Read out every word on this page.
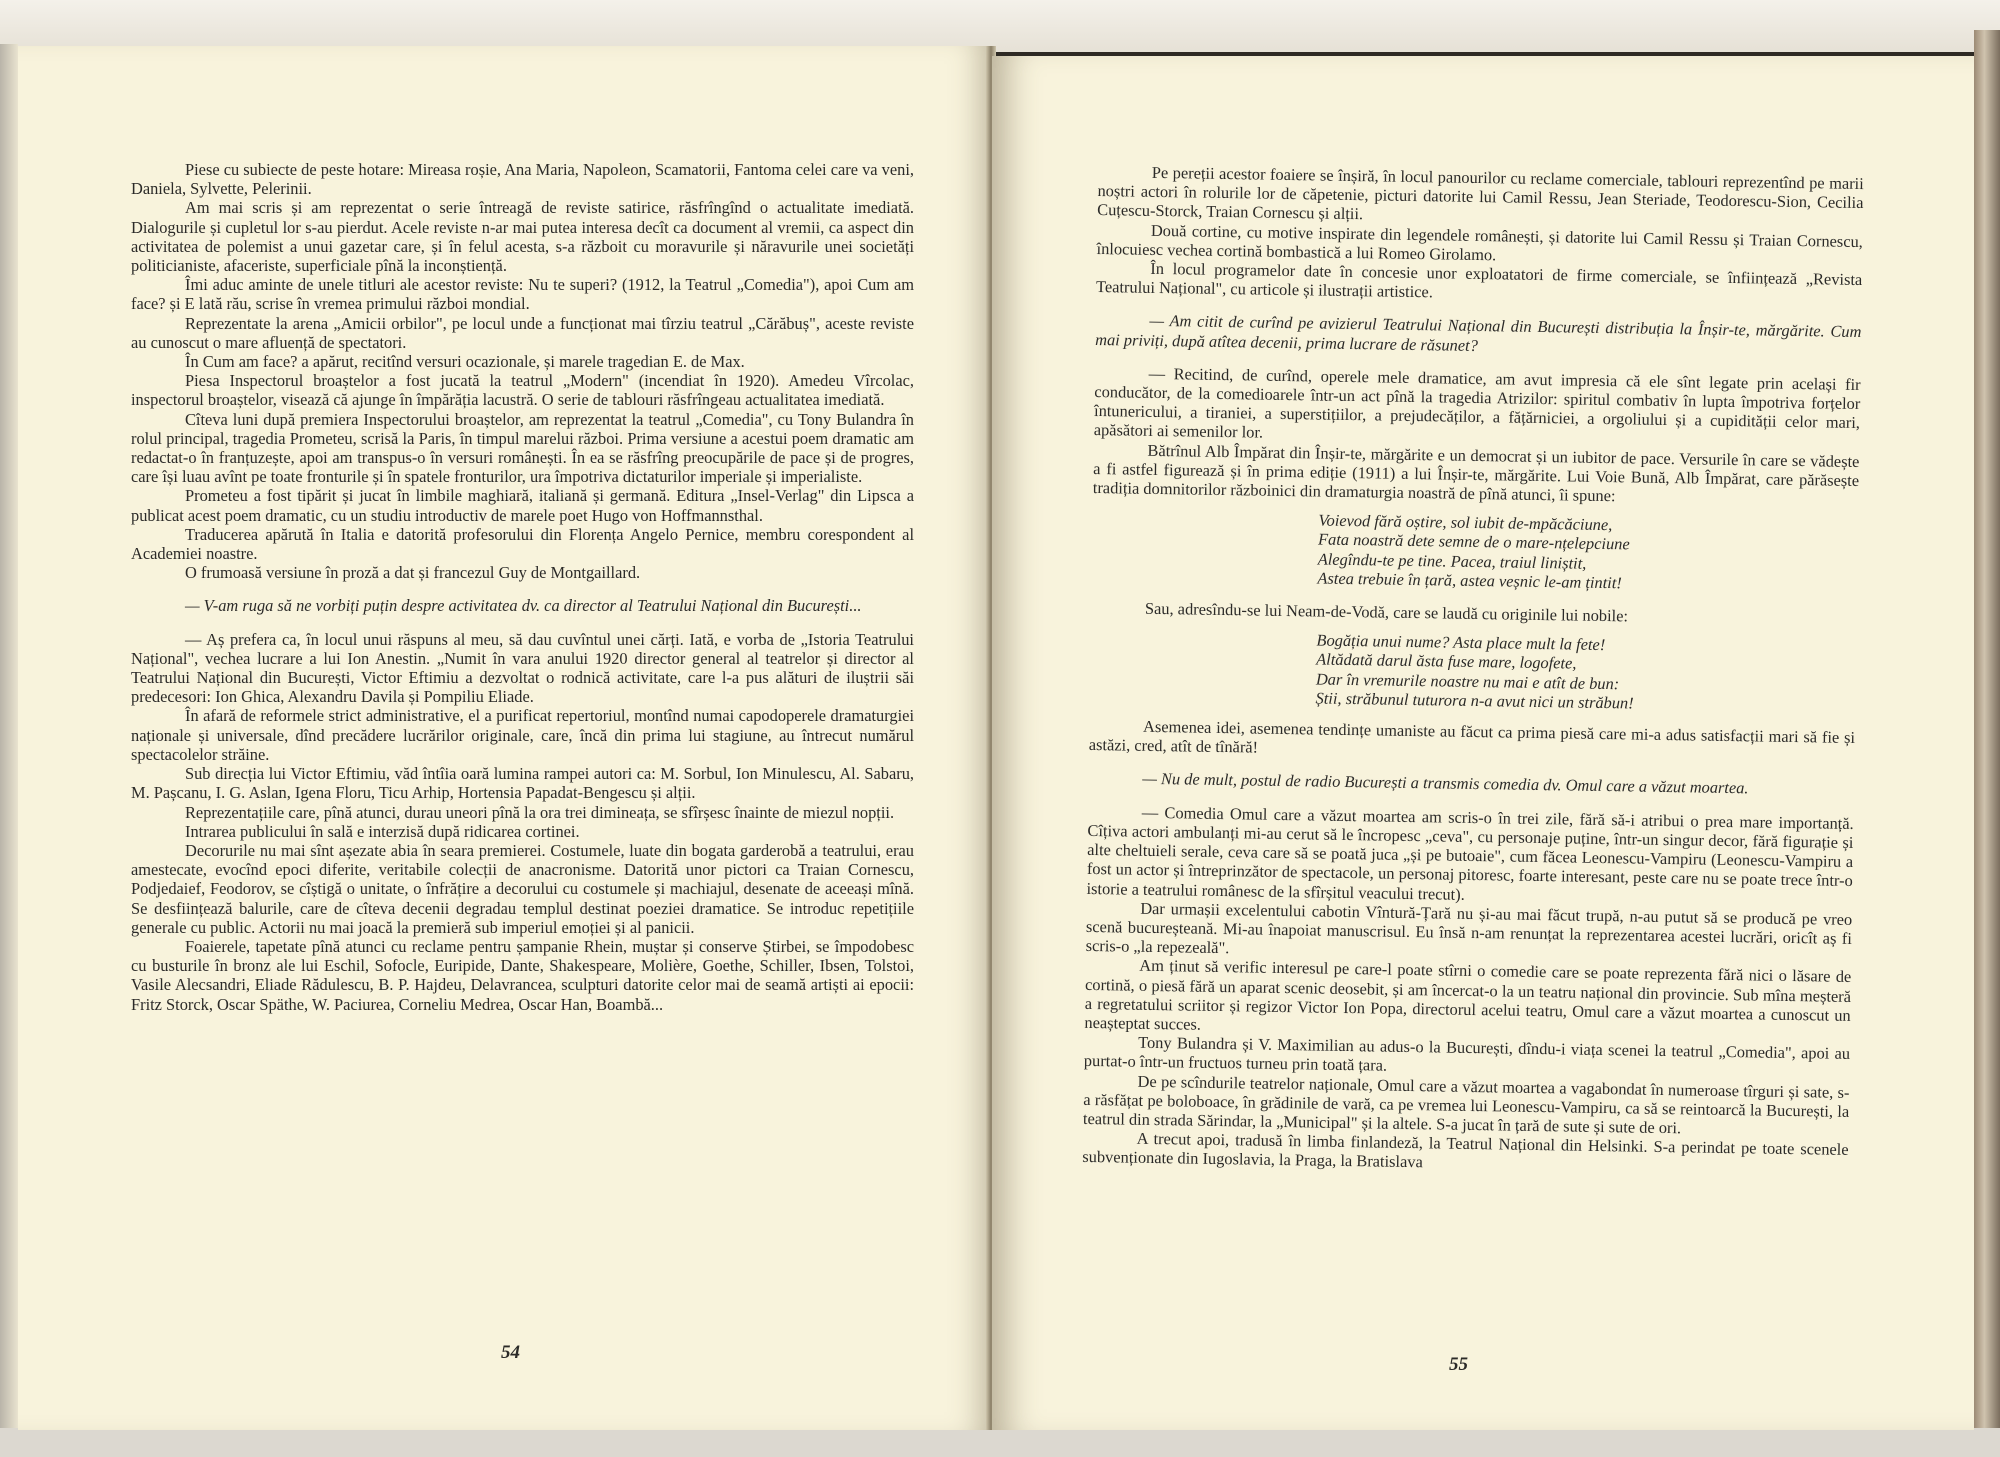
Piese cu subiecte de peste hotare: Mireasa roșie, Ana Maria, Napoleon, Scamatorii, Fantoma celei care va veni, Daniela, Sylvette, Pelerinii.

Am mai scris și am reprezentat o serie întreagă de reviste satirice, răsfrîngînd o actualitate imediată. Dialogurile și cupletul lor s-au pierdut. Acele reviste n-ar mai putea interesa decît ca document al vremii, ca aspect din activitatea de polemist a unui gazetar care, și în felul acesta, s-a războit cu moravurile și năravurile unei societăți politicianiste, afaceriste, superficiale pînă la inconștiență.

Îmi aduc aminte de unele titluri ale acestor reviste: Nu te superi? (1912, la Teatrul „Comedia"), apoi Cum am face? și E lată rău, scrise în vremea primului război mondial.

Reprezentate la arena „Amicii orbilor", pe locul unde a funcționat mai tîrziu teatrul „Cărăbuș", aceste reviste au cunoscut o mare afluență de spectatori.

În Cum am face? a apărut, recitînd versuri ocazionale, și marele tragedian E. de Max.

Piesa Inspectorul broaștelor a fost jucată la teatrul „Modern" (incendiat în 1920). Amedeu Vîrcolac, inspectorul broaștelor, visează că ajunge în împărăția lacustră. O serie de tablouri răsfrîngeau actualitatea imediată.

Cîteva luni după premiera Inspectorului broaștelor, am reprezentat la teatrul „Comedia", cu Tony Bulandra în rolul principal, tragedia Prometeu, scrisă la Paris, în timpul marelui război. Prima versiune a acestui poem dramatic am redactat-o în franțuzește, apoi am transpus-o în versuri românești. În ea se răsfrîng preocupările de pace și de progres, care își luau avînt pe toate fronturile și în spatele fronturilor, ura împotriva dictaturilor imperiale și imperialiste.

Prometeu a fost tipărit și jucat în limbile maghiară, italiană și germană. Editura „Insel-Verlag" din Lipsca a publicat acest poem dramatic, cu un studiu introductiv de marele poet Hugo von Hoffmannsthal.

Traducerea apărută în Italia e datorită profesorului din Florența Angelo Pernice, membru corespondent al Academiei noastre.

O frumoasă versiune în proză a dat și francezul Guy de Montgaillard.

— V-am ruga să ne vorbiți puțin despre activitatea dv. ca director al Teatrului Național din București...

— Aș prefera ca, în locul unui răspuns al meu, să dau cuvîntul unei cărți. Iată, e vorba de „Istoria Teatrului Național", vechea lucrare a lui Ion Anestin. „Numit în vara anului 1920 director general al teatrelor și director al Teatrului Național din București, Victor Eftimiu a dezvoltat o rodnică activitate, care l-a pus alături de iluștrii săi predecesori: Ion Ghica, Alexandru Davila și Pompiliu Eliade.

În afară de reformele strict administrative, el a purificat repertoriul, montînd numai capodoperele dramaturgiei naționale și universale, dînd precădere lucrărilor originale, care, încă din prima lui stagiune, au întrecut numărul spectacolelor străine.

Sub direcția lui Victor Eftimiu, văd întîia oară lumina rampei autori ca: M. Sorbul, Ion Minulescu, Al. Sabaru, M. Pașcanu, I. G. Aslan, Igena Floru, Ticu Arhip, Hortensia Papadat-Bengescu și alții.

Reprezentațiile care, pînă atunci, durau uneori pînă la ora trei dimineața, se sfîrșesc înainte de miezul nopții.

Intrarea publicului în sală e interzisă după ridicarea cortinei.

Decorurile nu mai sînt așezate abia în seara premierei. Costumele, luate din bogata garderobă a teatrului, erau amestecate, evocînd epoci diferite, veritabile colecții de anacronisme. Datorită unor pictori ca Traian Cornescu, Podjedaief, Feodorov, se cîștigă o unitate, o înfrățire a decorului cu costumele și machiajul, desenate de aceeași mînă. Se desființează balurile, care de cîteva decenii degradau templul destinat poeziei dramatice. Se introduc repetițiile generale cu public. Actorii nu mai joacă la premieră sub imperiul emoției și al panicii.

Foaierele, tapetate pînă atunci cu reclame pentru șampanie Rhein, muștar și conserve Știrbei, se împodobesc cu busturile în bronz ale lui Eschil, Sofocle, Euripide, Dante, Shakespeare, Molière, Goethe, Schiller, Ibsen, Tolstoi, Vasile Alecsandri, Eliade Rădulescu, B. P. Hajdeu, Delavrancea, sculpturi datorite celor mai de seamă artiști ai epocii: Fritz Storck, Oscar Späthe, W. Paciurea, Corneliu Medrea, Oscar Han, Boambă...

54

Pe pereții acestor foaiere se înșiră, în locul panourilor cu reclame comerciale, tablouri reprezentînd pe marii noștri actori în rolurile lor de căpetenie, picturi datorite lui Camil Ressu, Jean Steriade, Teodorescu-Sion, Cecilia Cuțescu-Storck, Traian Cornescu și alții.

Două cortine, cu motive inspirate din legendele românești, și datorite lui Camil Ressu și Traian Cornescu, înlocuiesc vechea cortină bombastică a lui Romeo Girolamo.

În locul programelor date în concesie unor exploatatori de firme comerciale, se înființează „Revista Teatrului Național", cu articole și ilustrații artistice.

— Am citit de curînd pe avizierul Teatrului Național din București distribuția la Înșir-te, mărgărite. Cum mai priviți, după atîtea decenii, prima lucrare de răsunet?

— Recitind, de curînd, operele mele dramatice, am avut impresia că ele sînt legate prin același fir conducător, de la comedioarele într-un act pînă la tragedia Atrizilor: spiritul combativ în lupta împotriva forțelor întunericului, a tiraniei, a superstițiilor, a prejudecăților, a fățărniciei, a orgoliului și a cupidității celor mari, apăsători ai semenilor lor.

Bătrînul Alb Împărat din Înșir-te, mărgărite e un democrat și un iubitor de pace. Versurile în care se vădește a fi astfel figurează și în prima ediție (1911) a lui Înșir-te, mărgărite. Lui Voie Bună, Alb Împărat, care părăsește tradiția domnitorilor războinici din dramaturgia noastră de pînă atunci, îi spune:

Voievod fără oștire, sol iubit de-mpăcăciune,
Fata noastră dete semne de o mare-nțelepciune
Alegîndu-te pe tine. Pacea, traiul liniștit,
Astea trebuie în țară, astea veșnic le-am țintit!

Sau, adresîndu-se lui Neam-de-Vodă, care se laudă cu originile lui nobile:

Bogăția unui nume? Asta place mult la fete!
Altădată darul ăsta fuse mare, logofete,
Dar în vremurile noastre nu mai e atît de bun:
Știi, străbunul tuturora n-a avut nici un străbun!

Asemenea idei, asemenea tendințe umaniste au făcut ca prima piesă care mi-a adus satisfacții mari să fie și astăzi, cred, atît de tînără!

— Nu de mult, postul de radio București a transmis comedia dv. Omul care a văzut moartea.

— Comedia Omul care a văzut moartea am scris-o în trei zile, fără să-i atribui o prea mare importanță. Cîțiva actori ambulanți mi-au cerut să le încropesc „ceva", cu personaje puține, într-un singur decor, fără figurație și alte cheltuieli serale, ceva care să se poată juca „și pe butoaie", cum făcea Leonescu-Vampiru (Leonescu-Vampiru a fost un actor și întreprinzător de spectacole, un personaj pitoresc, foarte interesant, peste care nu se poate trece într-o istorie a teatrului românesc de la sfîrșitul veacului trecut).

Dar urmașii excelentului cabotin Vîntură-Țară nu și-au mai făcut trupă, n-au putut să se producă pe vreo scenă bucureșteană. Mi-au înapoiat manuscrisul. Eu însă n-am renunțat la reprezentarea acestei lucrări, oricît aș fi scris-o „la repezeală".

Am ținut să verific interesul pe care-l poate stîrni o comedie care se poate reprezenta fără nici o lăsare de cortină, o piesă fără un aparat scenic deosebit, și am încercat-o la un teatru național din provincie. Sub mîna meșteră a regretatului scriitor și regizor Victor Ion Popa, directorul acelui teatru, Omul care a văzut moartea a cunoscut un neașteptat succes.

Tony Bulandra și V. Maximilian au adus-o la București, dîndu-i viața scenei la teatrul „Comedia", apoi au purtat-o într-un fructuos turneu prin toată țara.

De pe scîndurile teatrelor naționale, Omul care a văzut moartea a vagabondat în numeroase tîrguri și sate, s-a răsfățat pe boloboace, în grădinile de vară, ca pe vremea lui Leonescu-Vampiru, ca să se reintoarcă la București, la teatrul din strada Sărindar, la „Municipal" și la altele. S-a jucat în țară de sute și sute de ori.

A trecut apoi, tradusă în limba finlandeză, la Teatrul Național din Helsinki. S-a perindat pe toate scenele subvenționate din Iugoslavia, la Praga, la Bratislava

55
